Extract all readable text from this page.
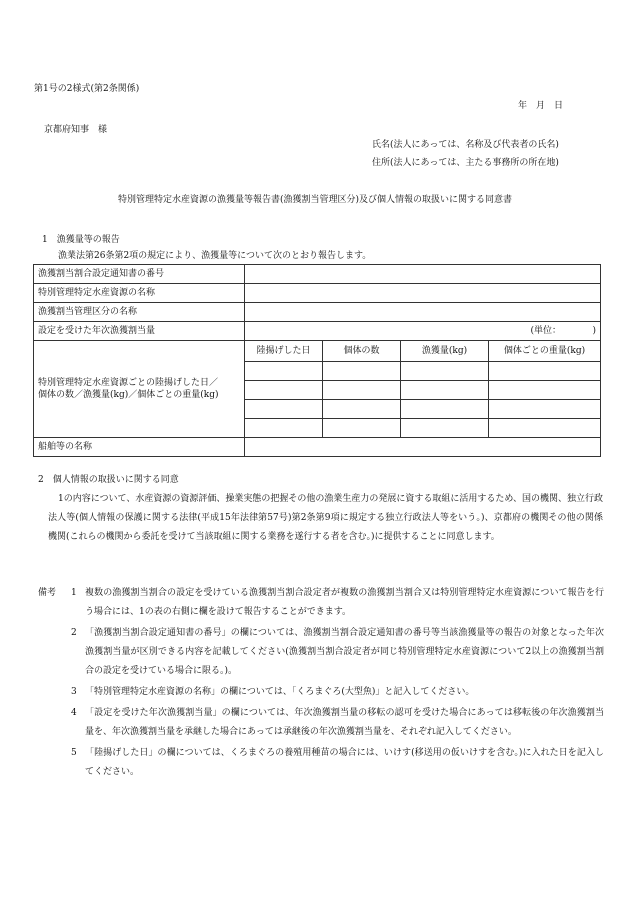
第1号の2様式(第2条関係)
年　月　日
京都府知事　様
氏名(法人にあっては、名称及び代表者の氏名)
住所(法人にあっては、主たる事務所の所在地)
特別管理特定水産資源の漁獲量等報告書(漁獲割当管理区分)及び個人情報の取扱いに関する同意書
1　漁獲量等の報告
漁業法第26条第2項の規定により、漁獲量等について次のとおり報告します。
漁獲割当割合設定通知書の番号				
特別管理特定水産資源の名称				
漁獲割当管理区分の名称				
設定を受けた年次漁獲割当量	(単位：　　　　)			

特別管理特定水産資源ごとの陸揚げした日／
個体の数／漁獲量(kg)／個体ごとの重量(kg)	陸揚げした日	個体の数	漁獲量(kg)	個体ごとの重量(kg)

船舶等の名称				
2　個人情報の取扱いに関する同意
1の内容について、水産資源の資源評価、操業実態の把握その他の漁業生産力の発展に資する取組に活用するため、国の機関、独立行政法人等(個人情報の保護に関する法律(平成15年法律第57号)第2条第9項に規定する独立行政法人等をいう。)、京都府の機関その他の関係機関(これらの機関から委託を受けて当該取組に関する業務を遂行する者を含む。)に提供することに同意します。
備考 1 複数の漁獲割当割合の設定を受けている漁獲割当割合設定者が複数の漁獲割当割合又は特別管理特定水産資源について報告を行う場合には、1の表の右側に欄を設けて報告することができます。
2 「漁獲割当割合設定通知書の番号」の欄については、漁獲割当割合設定通知書の番号等当該漁獲量等の報告の対象となった年次漁獲割当量が区別できる内容を記載してください(漁獲割当割合設定者が同じ特別管理特定水産資源について2以上の漁獲割当割合の設定を受けている場合に限る。)。
3 「特別管理特定水産資源の名称」の欄については、「くろまぐろ(大型魚)」と記入してください。
4 「設定を受けた年次漁獲割当量」の欄については、年次漁獲割当量の移転の認可を受けた場合にあっては移転後の年次漁獲割当量を、年次漁獲割当量を承継した場合にあっては承継後の年次漁獲割当量を、それぞれ記入してください。
5 「陸揚げした日」の欄については、くろまぐろの養殖用種苗の場合には、いけす(移送用の仮いけすを含む。)に入れた日を記入してください。
